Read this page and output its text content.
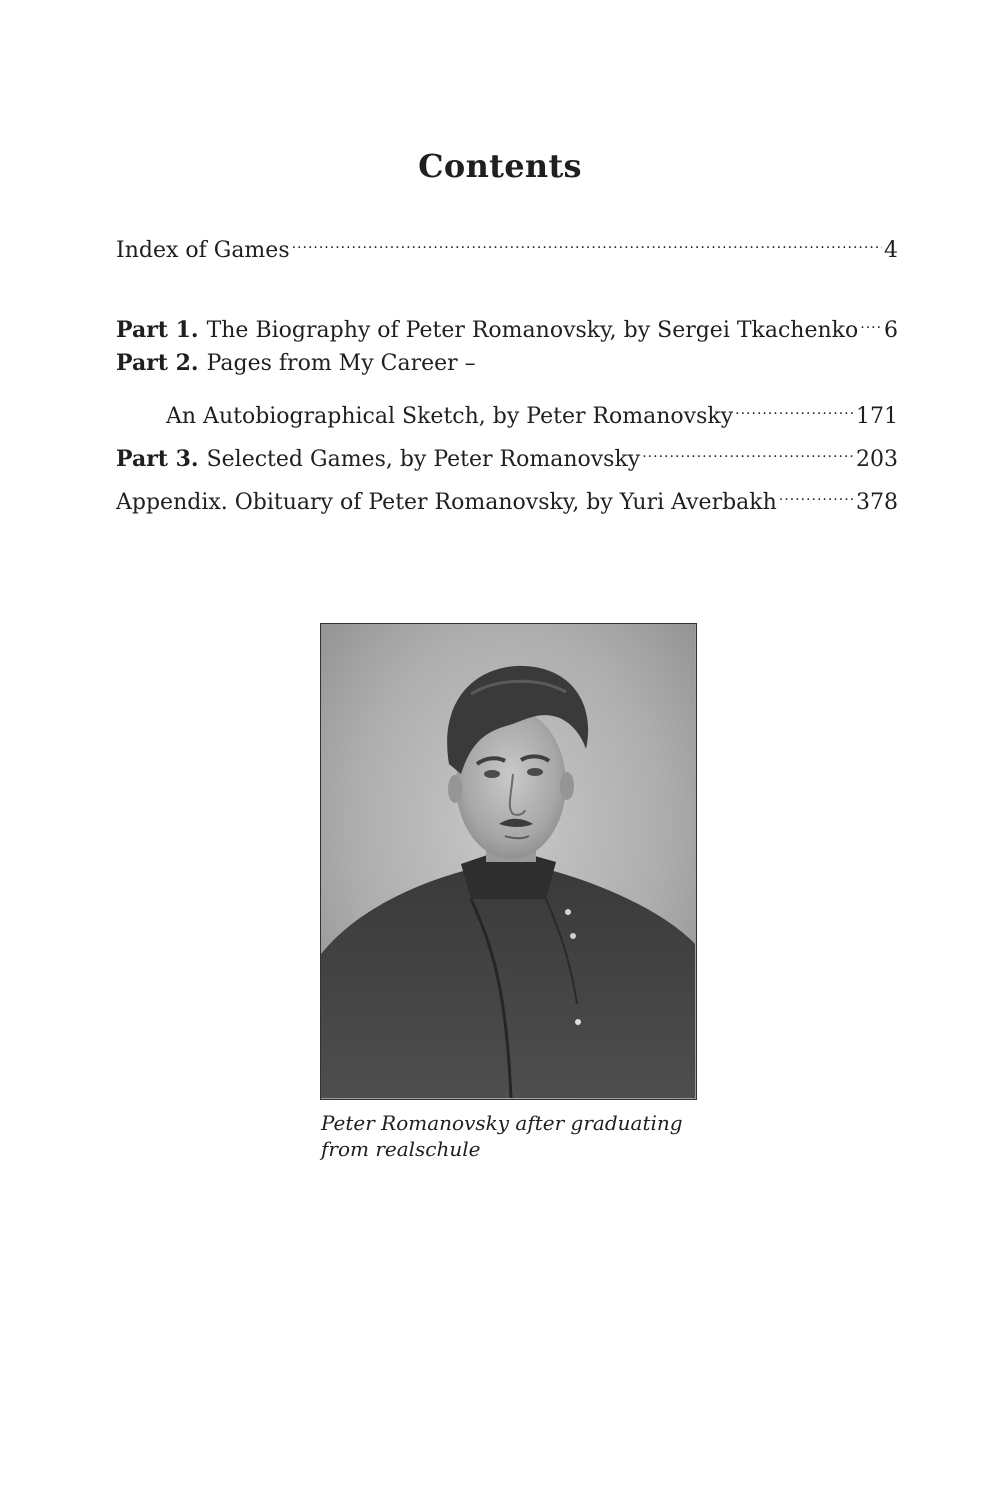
Contents
Index of Games .....	4
Part 1. The Biography of Peter Romanovsky, by Sergei Tkachenko ..... 6
Part 2. Pages from My Career –
An Autobiographical Sketch, by Peter Romanovsky .....	171
Part 3. Selected Games, by Peter Romanovsky .....	203
Appendix. Obituary of Peter Romanovsky, by Yuri Averbakh .....	378

Peter Romanovsky after graduating
from realschule
